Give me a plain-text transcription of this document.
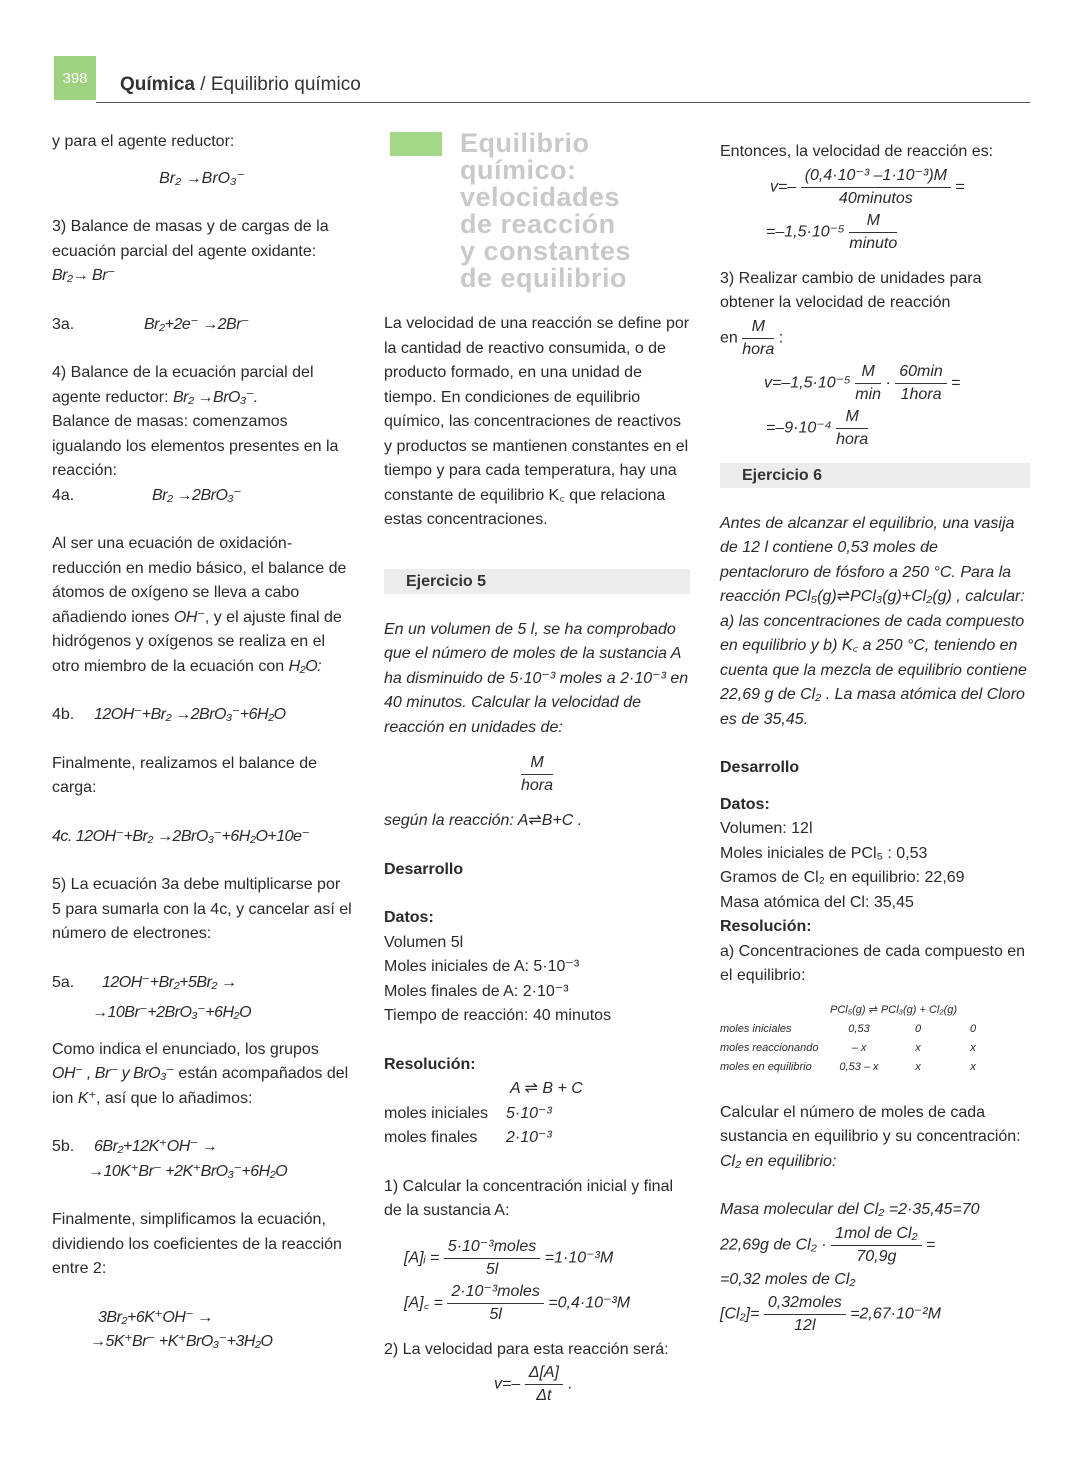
398	Química / Equilibrio químico

y para el agente reductor:

Br₂ →BrO₃⁻

3) Balance de masas y de cargas de la ecuación parcial del agente oxidante:

Br₂→ Br⁻
3a.	Br₂+2e⁻ →2Br⁻

4) Balance de la ecuación parcial del agente reductor: Br₂ →BrO₃⁻.

Balance de masas: comenzamos igualando los elementos presentes en la reacción:

4a.	Br₂ →2BrO₃⁻

Al ser una ecuación de oxidación-reducción en medio básico, el balance de átomos de oxígeno se lleva a cabo añadiendo iones OH⁻, y el ajuste final de hidrógenos y oxígenos se realiza en el otro miembro de la ecuación con H₂O:

4b.	12OH⁻+Br₂ →2BrO₃⁻+6H₂O

Finalmente, realizamos el balance de carga:

4c. 12OH⁻+Br₂ →2BrO₃⁻+6H₂O+10e⁻

5) La ecuación 3a debe multiplicarse por 5 para sumarla con la 4c, y cancelar así el número de electrones:

5a.	12OH⁻+Br₂+5Br₂ →
→10Br⁻+2BrO₃⁻+6H₂O

Como indica el enunciado, los grupos OH⁻ , Br⁻ y BrO₃⁻ están acompañados del ion K⁺, así que lo añadimos:

5b.	6Br₂+12K⁺OH⁻ →
→10K⁺Br⁻ +2K⁺BrO₃⁻+6H₂O

Finalmente, simplificamos la ecuación, dividiendo los coeficientes de la reacción entre 2:

3Br₂+6K⁺OH⁻ →
→5K⁺Br⁻ +K⁺BrO₃⁻+3H₂O
Equilibrio
químico:
velocidades
de reacción
y constantes
de equilibrio

La velocidad de una reacción se define por la cantidad de reactivo consumida, o de producto formado, en una unidad de tiempo. En condiciones de equilibrio químico, las concentraciones de reactivos y productos se mantienen constantes en el tiempo y para cada temperatura, hay una constante de equilibrio K꜀ que relaciona estas concentraciones.

Ejercicio 5

En un volumen de 5 l, se ha comprobado que el número de moles de la sustancia A ha disminuido de 5·10⁻³ moles a 2·10⁻³ en 40 minutos. Calcular la velocidad de reacción en unidades de:

$\frac{M}{\text{hora}}$

según la reacción: A⇌B+C .

Desarrollo
Datos:
Volumen 5l
Moles iniciales de A: 5·10⁻³
Moles finales de A: 2·10⁻³
Tiempo de reacción: 40 minutos
Resolución:
A ⇌ B + C
moles iniciales	5·10⁻³
moles finales	2·10⁻³

1) Calcular la concentración inicial y final de la sustancia A:

[A]ᵢ = $\frac{\text{5·10⁻³moles}}{5l} =1\cdot 10^{-3}M$
[A]꜀ = $\frac{\text{2·10⁻³moles}}{5l} =0,4\cdot 10^{-3}M$

2) La velocidad para esta reacción será:

$v=- \frac{\Delta[A]}{\Delta t}$ .

Entonces, la velocidad de reacción es:

$v=- \frac{\text{(0,4·10⁻³ –1·10⁻³)M}}{\text{40minutos}}$ =
$=-1,5\cdot 10^{-5} \frac{M}{\text{minuto}}$

3) Realizar cambio de unidades para obtener la velocidad de reacción

en $\frac{M}{\text{hora}}$ :
$v=-1,5\cdot 10^{-5} \frac{M}{\min} \cdot \frac{60\min}{\text{1hora}}$ =
$=-9\cdot 10^{-4} \frac{M}{\text{hora}}$
Ejercicio 6

Antes de alcanzar el equilibrio, una vasija de 12 l contiene 0,53 moles de pentacloruro de fósforo a 250 °C. Para la reacción PCl₅(g)⇌PCl₃(g)+Cl₂(g) , calcular: a) las concentraciones de cada compuesto en equilibrio y b) K꜀ a 250 °C, teniendo en cuenta que la mezcla de equilibrio contiene 22,69 g de Cl₂ . La masa atómica del Cloro es de 35,45.

Desarrollo
Datos:
Volumen: 12l
Moles iniciales de PCl₅ : 0,53
Gramos de Cl₂ en equilibrio: 22,69
Masa atómica del Cl: 35,45
Resolución:

a) Concentraciones de cada compuesto en el equilibrio:

PCl₅(g) ⇌ PCl₃(g) + Cl₂(g)
moles iniciales	0,53	0	0
moles reaccionando	– x	x	x
moles en equilibrio	0,53 – x	x	x

Calcular el número de moles de cada sustancia en equilibrio y su concentración:

Cl₂ en equilibrio:
Masa molecular del Cl₂ =2·35,45=70
22,69g de $Cl_2 \cdot \frac{\text{1mol de Cl₂}}{70,9g}$ =
=0,32 moles de Cl₂
$[Cl_2]= \frac{\text{0,32moles}}{12l} =2,67\cdot 10^{-2}M$
